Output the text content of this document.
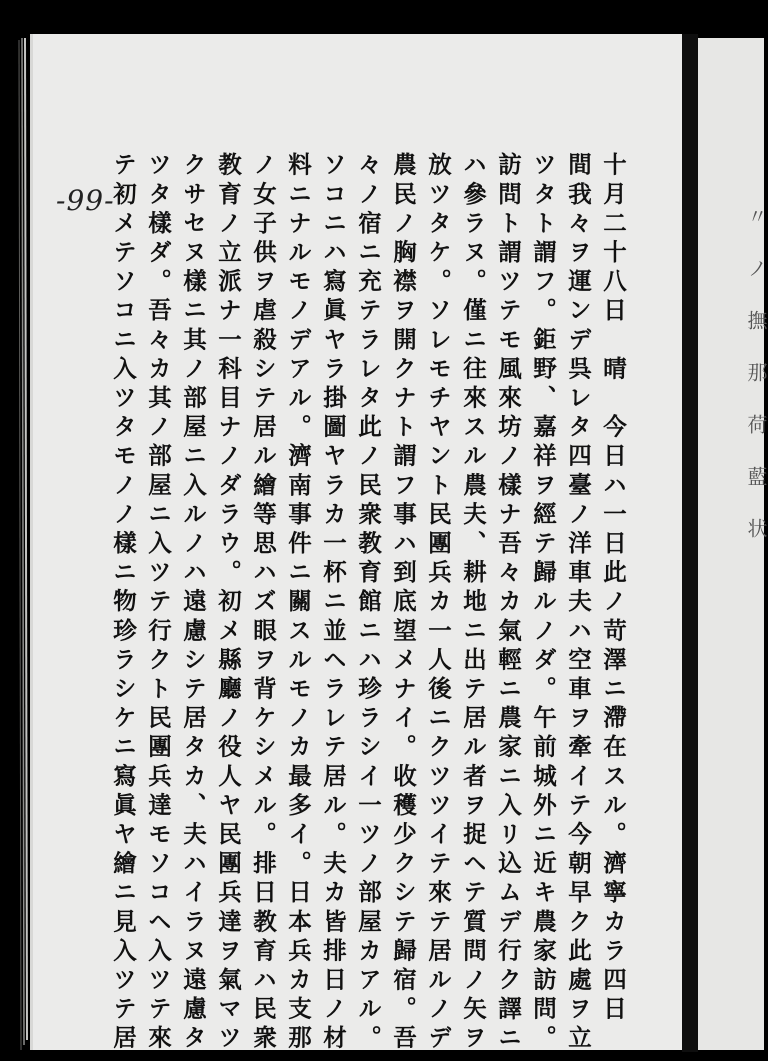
〃 ノ 撫 那 荷 藍 状
-99-	十月二十八日　晴　今日ハ一日此ノ苛澤ニ滯在スル。濟寧カラ四日
間我々ヲ運ンデ呉レタ四臺ノ洋車夫ハ空車ヲ牽イテ今朝早ク此處ヲ立
ツタト謂フ。鉅野、嘉祥ヲ經テ歸ルノダ。午前城外ニ近キ農家訪問。
訪問ト謂ツテモ風來坊ノ樣ナ吾々カ氣輕ニ農家ニ入リ込ムデ行ク譯ニ
ハ參ラヌ。僅ニ往來スル農夫、耕地ニ出テ居ル者ヲ捉ヘテ質問ノ矢ヲ
放ツタケ。ソレモチヤント民團兵カ一人後ニクツツイテ來テ居ルノデ
農民ノ胸襟ヲ開クナト謂フ事ハ到底望メナイ。收穫少クシテ歸宿。吾
々ノ宿ニ充テラレタ此ノ民衆教育館ニハ珍ラシイ一ツノ部屋カアル。
ソコニハ寫眞ヤラ掛圖ヤラカ一杯ニ並ヘラレテ居ル。夫カ皆排日ノ材
料ニナルモノデアル。濟南事件ニ關スルモノカ最多イ。日本兵カ支那
ノ女子供ヲ虐殺シテ居ル繪等思ハズ眼ヲ背ケシメル。排日教育ハ民衆
教育ノ立派ナ一科目ナノダラウ。初メ縣廳ノ役人ヤ民團兵達ヲ氣マツ
クサセヌ樣ニ其ノ部屋ニ入ルノハ遠慮シテ居タカ、夫ハイラヌ遠慮タ
ツタ樣ダ。吾々カ其ノ部屋ニ入ツテ行クト民團兵達モソコヘ入ツテ來
テ初メテソコニ入ツタモノノ樣ニ物珍ラシケニ寫眞ヤ繪ニ見入ツテ居
